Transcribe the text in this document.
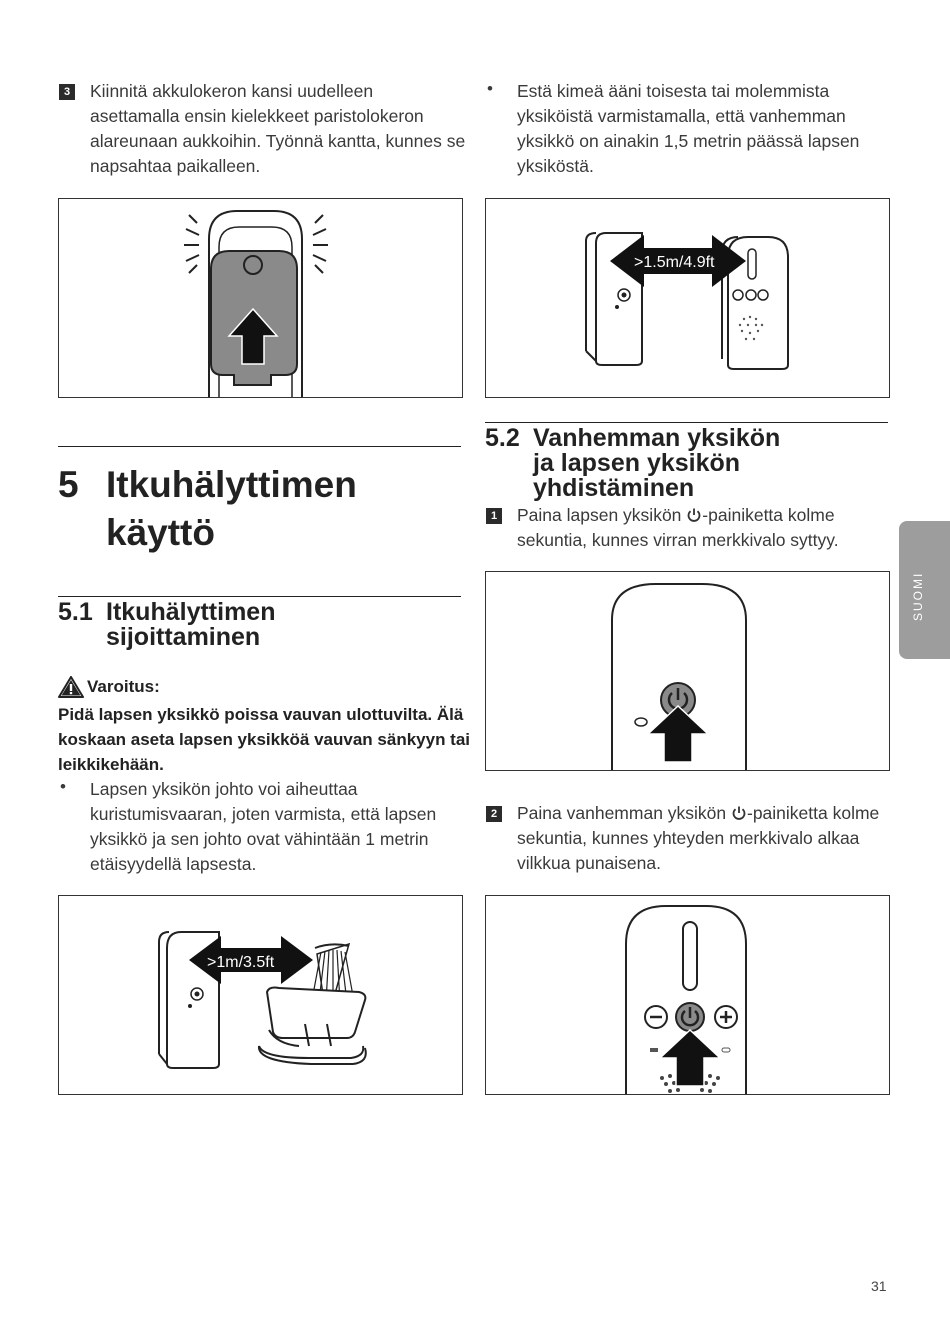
3 Kiinnitä akkulokeron kansi uudelleen
asettamalla ensin kielekkeet paristolokeron
alareunaan aukkoihin. Työnnä kantta, kunnes se
napsahtaa paikalleen.
5 Itkuhälyttimen
käyttö
5.1 Itkuhälyttimen
sijoittaminen
Varoitus:
Pidä lapsen yksikkö poissa vauvan ulottuvilta. Älä
koskaan aseta lapsen yksikköä vauvan sänkyyn tai
leikkikehään.
• Lapsen yksikön johto voi aiheuttaa
kuristumisvaaran, joten varmista, että lapsen
yksikkö ja sen johto ovat vähintään 1 metrin
etäisyydellä lapsesta.
>1m/3.5ft
• Estä kimeä ääni toisesta tai molemmista
yksiköistä varmistamalla, että vanhemman
yksikkö on ainakin 1,5 metrin päässä lapsen
yksiköstä.
>1.5m/4.9ft
5.2 Vanhemman yksikön
ja lapsen yksikön
yhdistäminen
1 Paina lapsen yksikön -painiketta kolme
sekuntia, kunnes virran merkkivalo syttyy.
2 Paina vanhemman yksikön -painiketta kolme
sekuntia, kunnes yhteyden merkkivalo alkaa
vilkkua punaisena.
SUOMI
31
